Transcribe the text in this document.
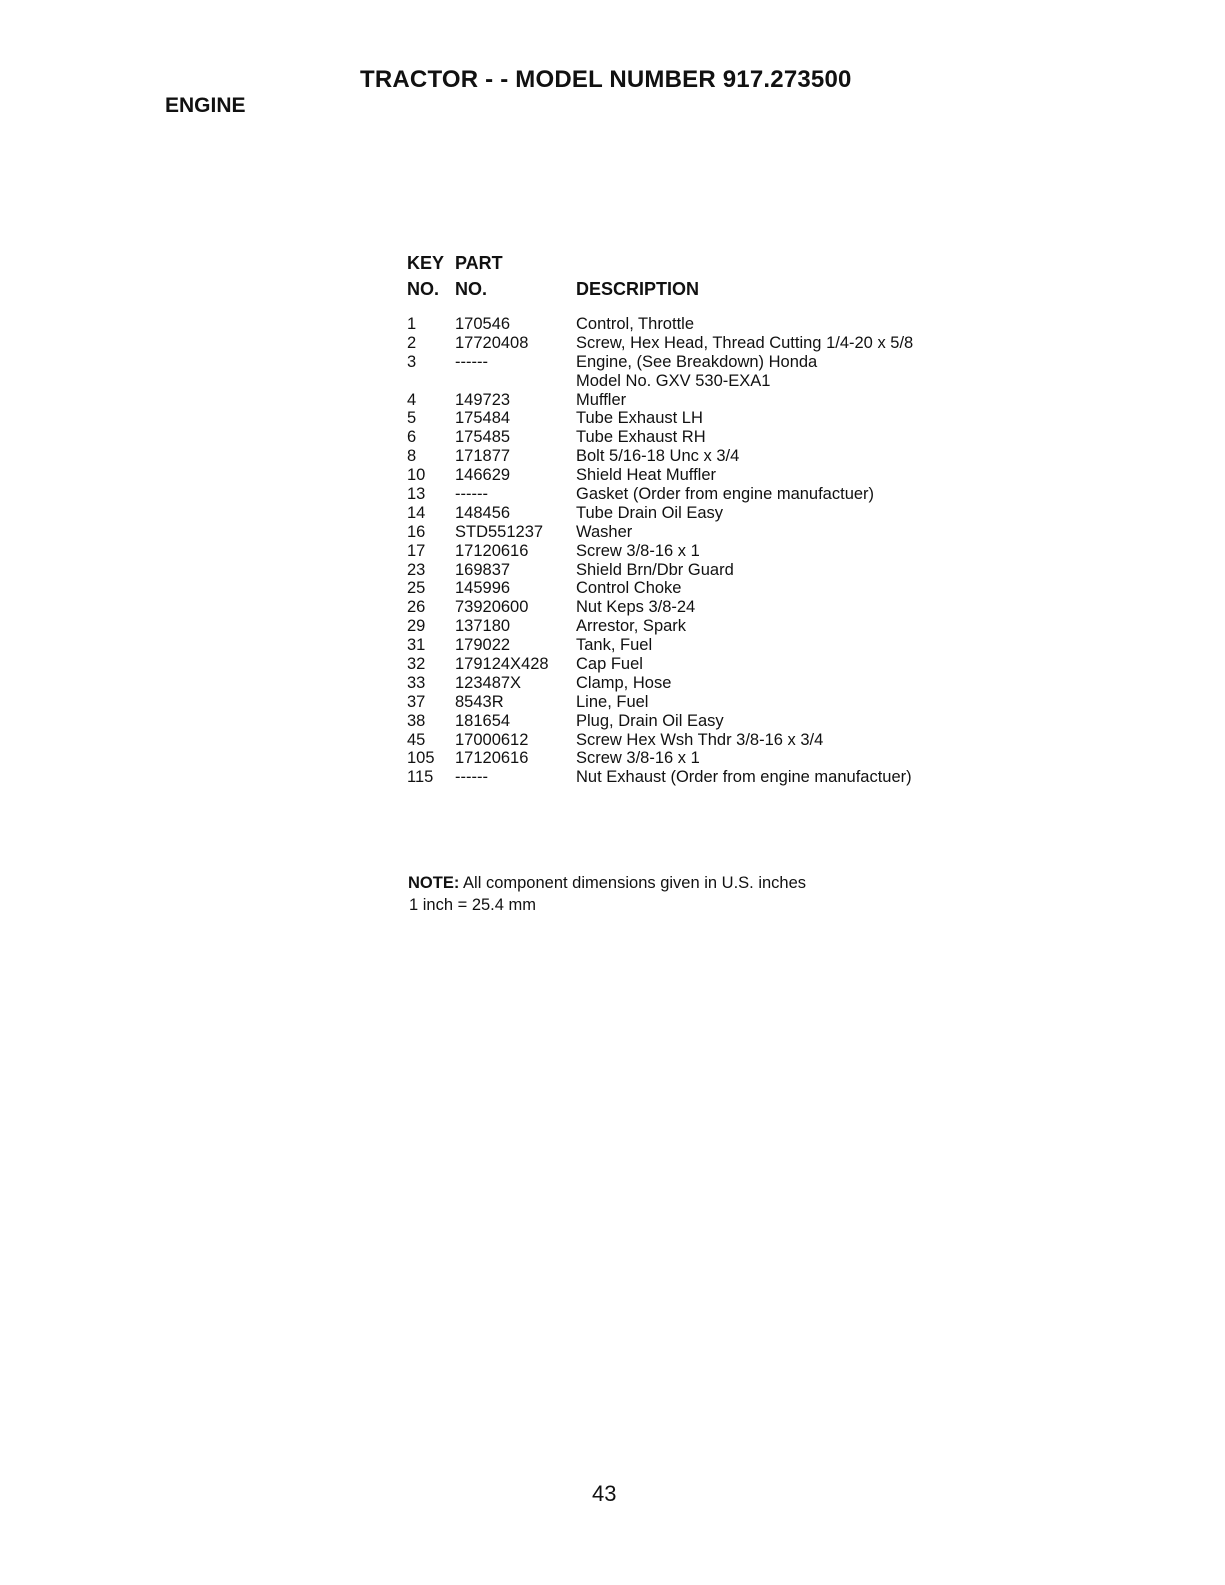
TRACTOR - - MODEL NUMBER 917.273500
ENGINE
KEY
NO.
PART
NO.	DESCRIPTION
1 170546	Control, Throttle
2 17720408	Screw, Hex Head, Thread Cutting 1/4-20 x 5/8
3 ------	Engine, (See Breakdown) Honda
Model No. GXV 530-EXA1
4 149723	Muffler
5 175484	Tube Exhaust LH
6 175485	Tube Exhaust RH
8 171877	Bolt 5/16-18 Unc x 3/4
10 146629	Shield Heat Muffler
13 ------	Gasket (Order from engine manufactuer)
14 148456	Tube Drain Oil Easy
16 STD551237 Washer
17 17120616	Screw 3/8-16 x 1
23 169837	Shield Brn/Dbr Guard
25 145996	Control Choke
26 73920600	Nut Keps 3/8-24
29 137180	Arrestor, Spark
31 179022	Tank, Fuel
32 179124X428 Cap Fuel
33 123487X	Clamp, Hose
37 8543R	Line, Fuel
38 181654	Plug, Drain Oil Easy
45 17000612	Screw Hex Wsh Thdr 3/8-16 x 3/4
105 17120616	Screw 3/8-16 x 1
115 ------	Nut Exhaust (Order from engine manufactuer)
NOTE: All component dimensions given in U.S. inches
1 inch = 25.4 mm
43
